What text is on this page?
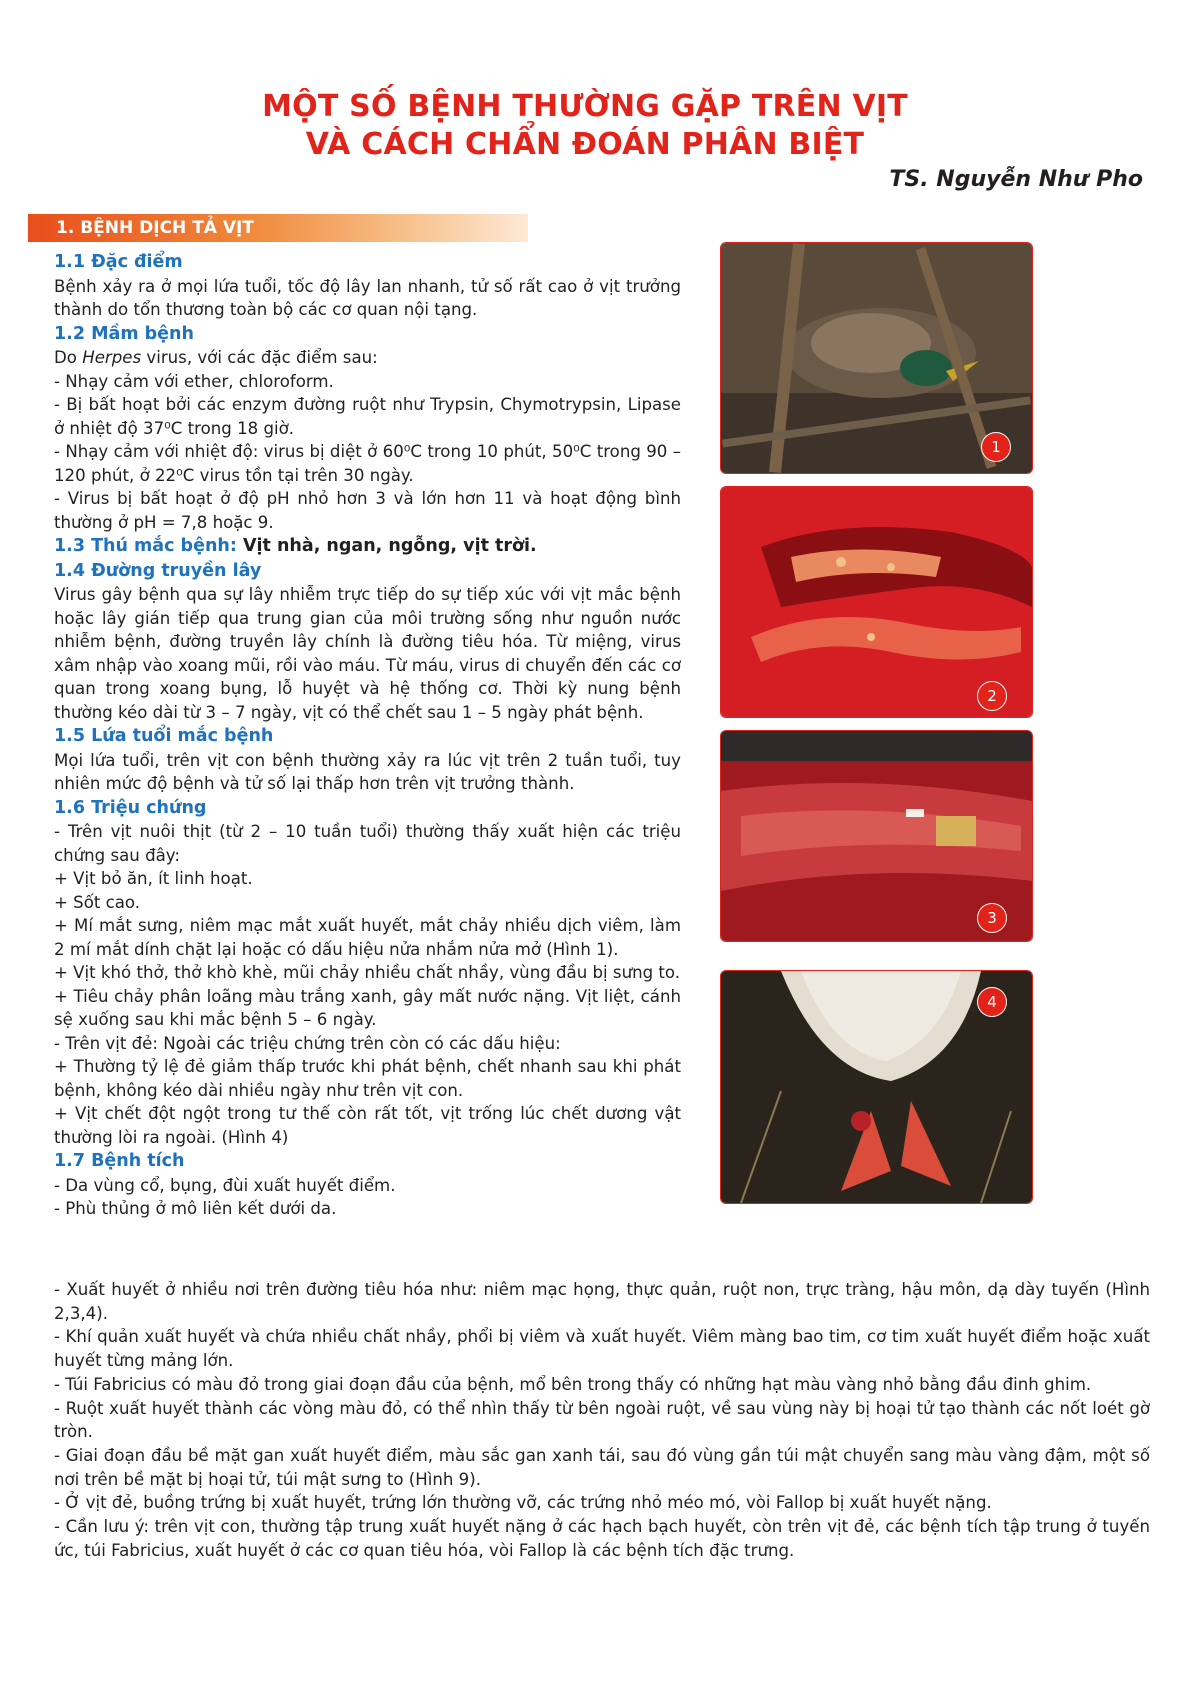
MỘT SỐ BỆNH THƯỜNG GẶP TRÊN VỊT
VÀ CÁCH CHẨN ĐOÁN PHÂN BIỆT
TS. Nguyễn Như Pho
1. BỆNH DỊCH TẢ VỊT
1.1 Đặc điểm

Bệnh xảy ra ở mọi lứa tuổi, tốc độ lây lan nhanh, tử số rất cao ở vịt trưởng thành do tổn thương toàn bộ các cơ quan nội tạng.

1.2 Mầm bệnh

Do Herpes virus, với các đặc điểm sau:

- Nhạy cảm với ether, chloroform.

- Bị bất hoạt bởi các enzym đường ruột như Trypsin, Chymotrypsin, Lipase ở nhiệt độ 37⁰C trong 18 giờ.

- Nhạy cảm với nhiệt độ: virus bị diệt ở 60⁰C trong 10 phút, 50⁰C trong 90 – 120 phút, ở 22⁰C virus tồn tại trên 30 ngày.

- Virus bị bất hoạt ở độ pH nhỏ hơn 3 và lớn hơn 11 và hoạt động bình thường ở pH = 7,8 hoặc 9.

1.3 Thú mắc bệnh: Vịt nhà, ngan, ngỗng, vịt trời.
1.4 Đường truyền lây

Virus gây bệnh qua sự lây nhiễm trực tiếp do sự tiếp xúc với vịt mắc bệnh hoặc lây gián tiếp qua trung gian của môi trường sống như nguồn nước nhiễm bệnh, đường truyền lây chính là đường tiêu hóa. Từ miệng, virus xâm nhập vào xoang mũi, rồi vào máu. Từ máu, virus di chuyển đến các cơ quan trong xoang bụng, lỗ huyệt và hệ thống cơ. Thời kỳ nung bệnh thường kéo dài từ 3 – 7 ngày, vịt có thể chết sau 1 – 5 ngày phát bệnh.

1.5 Lứa tuổi mắc bệnh

Mọi lứa tuổi, trên vịt con bệnh thường xảy ra lúc vịt trên 2 tuần tuổi, tuy nhiên mức độ bệnh và tử số lại thấp hơn trên vịt trưởng thành.

1.6 Triệu chứng

- Trên vịt nuôi thịt (từ 2 – 10 tuần tuổi) thường thấy xuất hiện các triệu chứng sau đây:

+ Vịt bỏ ăn, ít linh hoạt.

+ Sốt cao.

+ Mí mắt sưng, niêm mạc mắt xuất huyết, mắt chảy nhiều dịch viêm, làm 2 mí mắt dính chặt lại hoặc có dấu hiệu nửa nhắm nửa mở (Hình 1).

+ Vịt khó thở, thở khò khè, mũi chảy nhiều chất nhầy, vùng đầu bị sưng to.

+ Tiêu chảy phân loãng màu trắng xanh, gây mất nước nặng. Vịt liệt, cánh sệ xuống sau khi mắc bệnh 5 – 6 ngày.

- Trên vịt đẻ: Ngoài các triệu chứng trên còn có các dấu hiệu:

+ Thường tỷ lệ đẻ giảm thấp trước khi phát bệnh, chết nhanh sau khi phát bệnh, không kéo dài nhiều ngày như trên vịt con.

+ Vịt chết đột ngột trong tư thế còn rất tốt, vịt trống lúc chết dương vật thường lòi ra ngoài. (Hình 4)

1.7 Bệnh tích

- Da vùng cổ, bụng, đùi xuất huyết điểm.

- Phù thủng ở mô liên kết dưới da.

- Xuất huyết ở nhiều nơi trên đường tiêu hóa như: niêm mạc họng, thực quản, ruột non, trực tràng, hậu môn, dạ dày tuyến (Hình 2,3,4).

- Khí quản xuất huyết và chứa nhiều chất nhầy, phổi bị viêm và xuất huyết. Viêm màng bao tim, cơ tim xuất huyết điểm hoặc xuất huyết từng mảng lớn.

- Túi Fabricius có màu đỏ trong giai đoạn đầu của bệnh, mổ bên trong thấy có những hạt màu vàng nhỏ bằng đầu đinh ghim.

- Ruột xuất huyết thành các vòng màu đỏ, có thể nhìn thấy từ bên ngoài ruột, về sau vùng này bị hoại tử tạo thành các nốt loét gờ tròn.

- Giai đoạn đầu bề mặt gan xuất huyết điểm, màu sắc gan xanh tái, sau đó vùng gần túi mật chuyển sang màu vàng đậm, một số nơi trên bề mặt bị hoại tử, túi mật sưng to (Hình 9).

- Ở vịt đẻ, buồng trứng bị xuất huyết, trứng lớn thường vỡ, các trứng nhỏ méo mó, vòi Fallop bị xuất huyết nặng.

- Cần lưu ý: trên vịt con, thường tập trung xuất huyết nặng ở các hạch bạch huyết, còn trên vịt đẻ, các bệnh tích tập trung ở tuyến ức, túi Fabricius, xuất huyết ở các cơ quan tiêu hóa, vòi Fallop là các bệnh tích đặc trưng.

1
2
3
4
